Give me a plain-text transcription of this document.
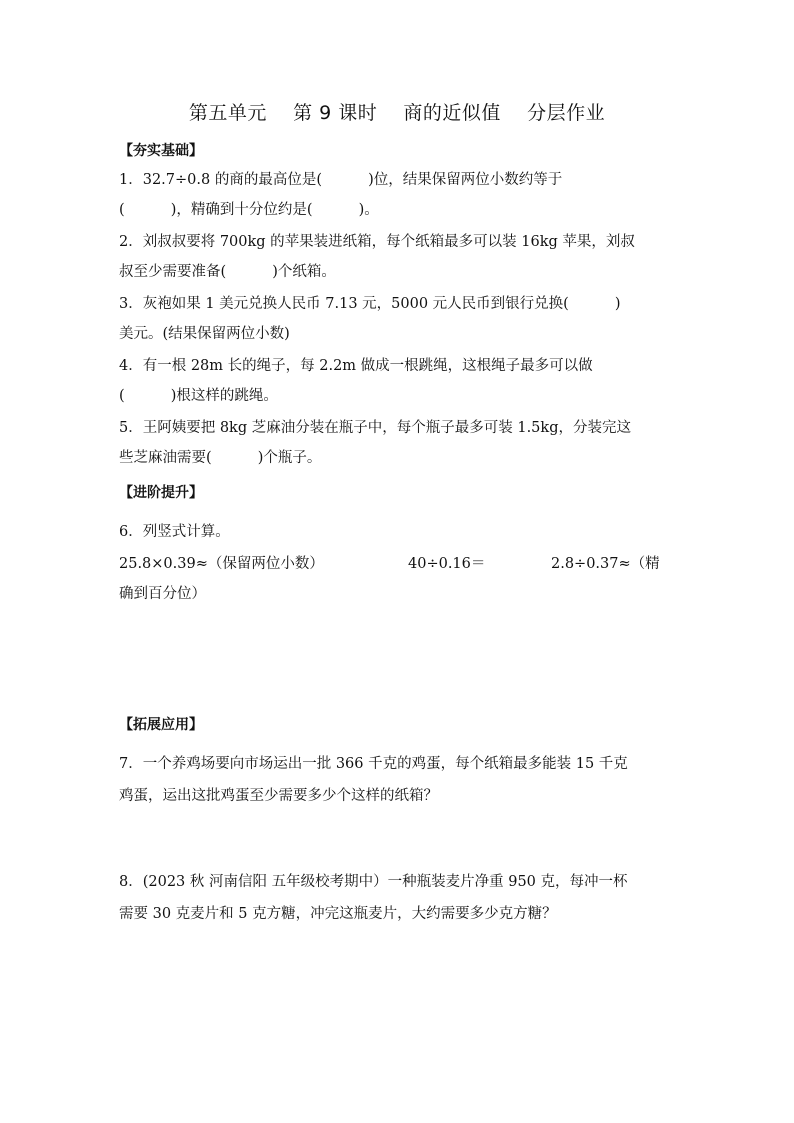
第五单元    第 9 课时    商的近似值    分层作业
【夯实基础】
1．32.7÷0.8 的商的最高位是(          )位，结果保留两位小数约等于
(          )，精确到十分位约是(          )。
2．刘叔叔要将 700kg 的苹果装进纸箱，每个纸箱最多可以装 16kg 苹果，刘叔
叔至少需要准备(          )个纸箱。
3．灰袍如果 1 美元兑换人民币 7.13 元，5000 元人民币到银行兑换(          )
美元。(结果保留两位小数)
4．有一根 28m 长的绳子，每 2.2m 做成一根跳绳，这根绳子最多可以做
(          )根这样的跳绳。
5．王阿姨要把 8kg 芝麻油分装在瓶子中，每个瓶子最多可装 1.5kg，分装完这
些芝麻油需要(          )个瓶子。
【进阶提升】
6．列竖式计算。
25.8×0.39≈（保留两位小数）	40÷0.16＝	2.8÷0.37≈（精
确到百分位）
【拓展应用】
7．一个养鸡场要向市场运出一批 366 千克的鸡蛋，每个纸箱最多能装 15 千克
鸡蛋，运出这批鸡蛋至少需要多少个这样的纸箱？
8．(2023 秋 河南信阳 五年级校考期中）一种瓶装麦片净重 950 克，每冲一杯
需要 30 克麦片和 5 克方糖，冲完这瓶麦片，大约需要多少克方糖？
